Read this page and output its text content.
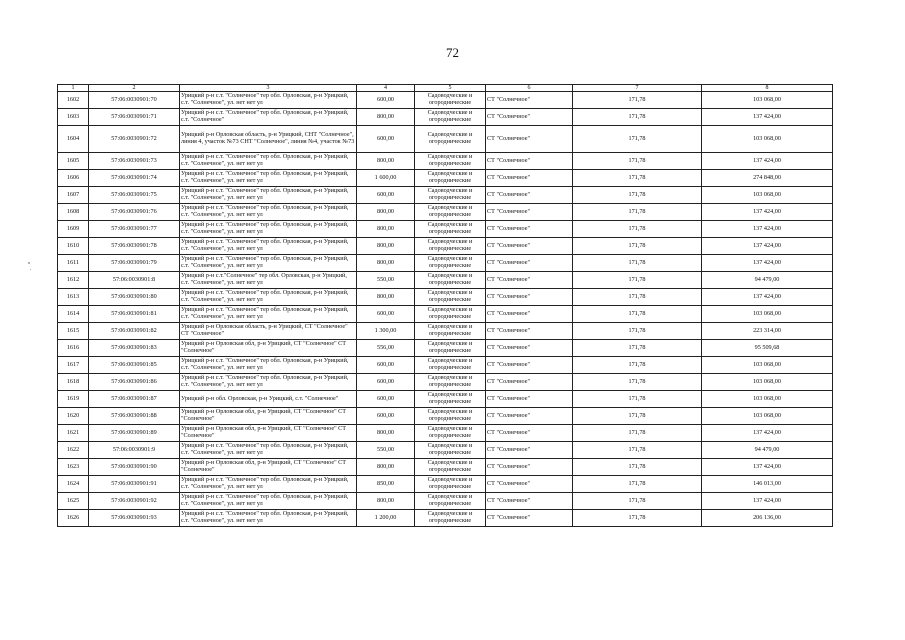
72
1	2	3	4	5	6	7	8
1602	57:06:0030901:70	Урицкий р-н с.т. "Солнечное" тер обл. Орловская, р-н Урицкий, с.т. "Солнечное", ул. нет нет ул	600,00	Садоводческие и огороднические	СТ "Солнечное"	171,78	103 068,00
1603	57:06:0030901:71	Урицкий р-н с.т. "Солнечное" тер обл. Орловская, р-н Урицкий, с.т. "Солнечное"	800,00	Садоводческие и огороднические	СТ "Солнечное"	171,78	137 424,00
1604	57:06:0030901:72	Урицкий р-н Орловская область, р-н Урицкий, СНТ "Солнечное", линия 4, участок №73 СНТ "Солнечное", линия №4, участок №73	600,00	Садоводческие и огороднические	СТ "Солнечное"	171,78	103 068,00
1605	57:06:0030901:73	Урицкий р-н с.т. "Солнечное" тер обл. Орловская, р-н Урицкий, с.т. "Солнечное", ул. нет нет ул	800,00	Садоводческие и огороднические	СТ "Солнечное"	171,78	137 424,00
1606	57:06:0030901:74	Урицкий р-н с.т. "Солнечное" тер обл. Орловская, р-н Урицкий, с.т. "Солнечное", ул. нет нет ул	1 600,00	Садоводческие и огороднические	СТ "Солнечное"	171,78	274 848,00
1607	57:06:0030901:75	Урицкий р-н с.т. "Солнечное" тер обл. Орловская, р-н Урицкий, с.т. "Солнечное", ул. нет нет ул	600,00	Садоводческие и огороднические	СТ "Солнечное"	171,78	103 068,00
1608	57:06:0030901:76	Урицкий р-н с.т. "Солнечное" тер обл. Орловская, р-н Урицкий, с.т. "Солнечное", ул. нет нет ул	800,00	Садоводческие и огороднические	СТ "Солнечное"	171,78	137 424,00
1609	57:06:0030901:77	Урицкий р-н с.т. "Солнечное" тер обл. Орловская, р-н Урицкий, с.т. "Солнечное", ул. нет нет ул	800,00	Садоводческие и огороднические	СТ "Солнечное"	171,78	137 424,00
1610	57:06:0030901:78	Урицкий р-н с.т. "Солнечное" тер обл. Орловская, р-н Урицкий, с.т. "Солнечное", ул. нет нет ул	800,00	Садоводческие и огороднические	СТ "Солнечное"	171,78	137 424,00
1611	57:06:0030901:79	Урицкий р-н с.т. "Солнечное" тер обл. Орловская, р-н Урицкий, с.т. "Солнечное", ул. нет нет ул	800,00	Садоводческие и огороднические	СТ "Солнечное"	171,78	137 424,00
1612	57:06:0030901:8	Урицкий р-н с.т."Солнечное" тер обл. Орловская, р-н Урицкий, с.т. "Солнечное", ул. нет нет ул	550,00	Садоводческие и огороднические	СТ "Солнечное"	171,78	94 479,00
1613	57:06:0030901:80	Урицкий р-н с.т. "Солнечное" тер обл. Орловская, р-н Урицкий, с.т. "Солнечное", ул. нет нет ул	800,00	Садоводческие и огороднические	СТ "Солнечное"	171,78	137 424,00
1614	57:06:0030901:81	Урицкий р-н с.т. "Солнечное" тер обл. Орловская, р-н Урицкий, с.т. "Солнечное", ул. нет нет ул	600,00	Садоводческие и огороднические	СТ "Солнечное"	171,78	103 068,00
1615	57:06:0030901:82	Урицкий р-н Орловская область, р-н Урицкий, СТ "Солнечное" СТ "Солнечное"	1 300,00	Садоводческие и огороднические	СТ "Солнечное"	171,78	223 314,00
1616	57:06:0030901:83	Урицкий р-н Орловская обл, р-н Урицкий, СТ "Солнечное" СТ "Солнечное"	556,00	Садоводческие и огороднические	СТ "Солнечное"	171,78	95 509,68
1617	57:06:0030901:85	Урицкий р-н с.т. "Солнечное" тер обл. Орловская, р-н Урицкий, с.т. "Солнечное", ул. нет нет ул	600,00	Садоводческие и огороднические	СТ "Солнечное"	171,78	103 068,00
1618	57:06:0030901:86	Урицкий р-н с.т. "Солнечное" тер обл. Орловская, р-н Урицкий, с.т. "Солнечное", ул. нет нет ул	600,00	Садоводческие и огороднические	СТ "Солнечное"	171,78	103 068,00
1619	57:06:0030901:87	Урицкий р-н обл. Орловская, р-н Урицкий, с.т. "Солнечное"	600,00	Садоводческие и огороднические	СТ "Солнечное"	171,78	103 068,00
1620	57:06:0030901:88	Урицкий р-н Орловская обл, р-н Урицкий, СТ "Солнечное" СТ "Солнечное"	600,00	Садоводческие и огороднические	СТ "Солнечное"	171,78	103 068,00
1621	57:06:0030901:89	Урицкий р-н Орловская обл, р-н Урицкий, СТ "Солнечное" СТ "Солнечное"	800,00	Садоводческие и огороднические	СТ "Солнечное"	171,78	137 424,00
1622	57:06:0030901:9	Урицкий р-н с.т. "Солнечное" тер обл. Орловская, р-н Урицкий, с.т. "Солнечное", ул. нет нет ул	550,00	Садоводческие и огороднические	СТ "Солнечное"	171,78	94 479,00
1623	57:06:0030901:90	Урицкий р-н Орловская обл, р-н Урицкий, СТ "Солнечное" СТ "Солнечное"	800,00	Садоводческие и огороднические	СТ "Солнечное"	171,78	137 424,00
1624	57:06:0030901:91	Урицкий р-н с.т. "Солнечное" тер обл. Орловская, р-н Урицкий, с.т. "Солнечное", ул. нет нет ул	850,00	Садоводческие и огороднические	СТ "Солнечное"	171,78	146 013,00
1625	57:06:0030901:92	Урицкий р-н с.т. "Солнечное" тер обл. Орловская, р-н Урицкий, с.т. "Солнечное", ул. нет нет ул	800,00	Садоводческие и огороднические	СТ "Солнечное"	171,78	137 424,00
1626	57:06:0030901:93	Урицкий р-н с.т. "Солнечное" тер обл. Орловская, р-н Урицкий, с.т. "Солнечное", ул. нет нет ул	1 200,00	Садоводческие и огороднические	СТ "Солнечное"	171,78	206 136,00
